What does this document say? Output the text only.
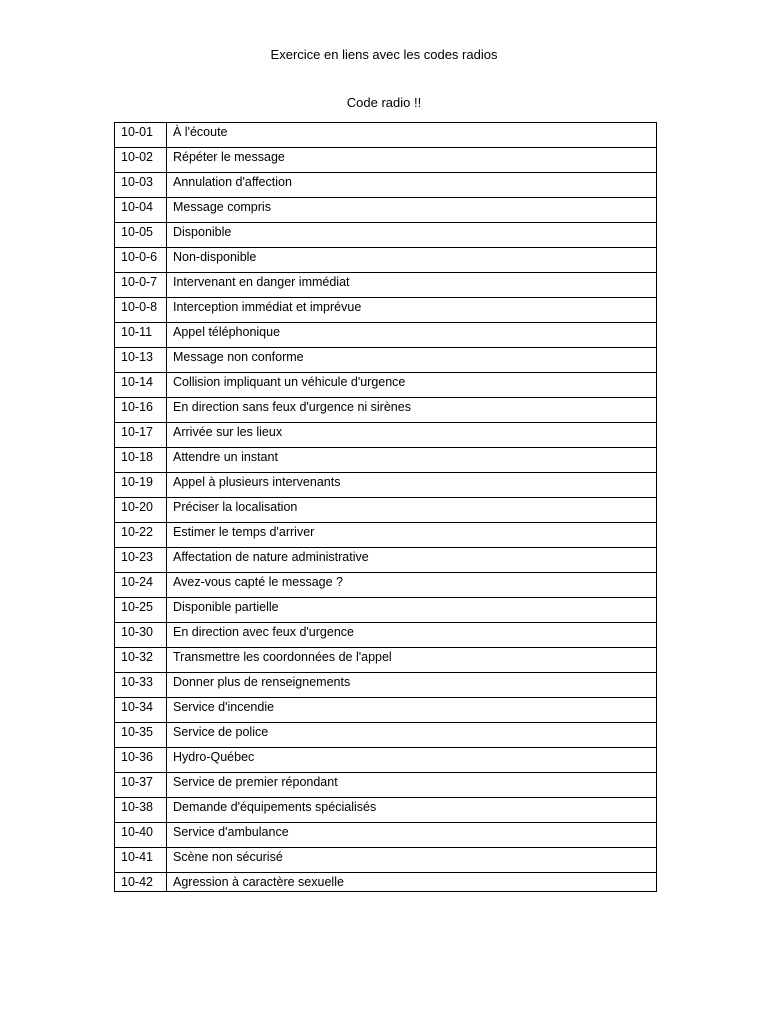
Exercice en liens avec les codes radios
Code radio !!
10-01	À l'écoute
10-02	Répéter le message
10-03	Annulation d'affection
10-04	Message compris
10-05	Disponible
10-0-6	Non-disponible
10-0-7	Intervenant en danger immédiat
10-0-8	Interception immédiat et imprévue
10-11	Appel téléphonique
10-13	Message non conforme
10-14	Collision impliquant un véhicule d'urgence
10-16	En direction sans feux d'urgence ni sirènes
10-17	Arrivée sur les lieux
10-18	Attendre un instant
10-19	Appel à plusieurs intervenants
10-20	Préciser la localisation
10-22	Estimer le temps d'arriver
10-23	Affectation de nature administrative
10-24	Avez-vous capté le message ?
10-25	Disponible partielle
10-30	En direction avec feux d'urgence
10-32	Transmettre les coordonnées de l'appel
10-33	Donner plus de renseignements
10-34	Service d'incendie
10-35	Service de police
10-36	Hydro-Québec
10-37	Service de premier répondant
10-38	Demande d'équipements spécialisés
10-40	Service d'ambulance
10-41	Scène non sécurisé
10-42	Agression à caractère sexuelle
